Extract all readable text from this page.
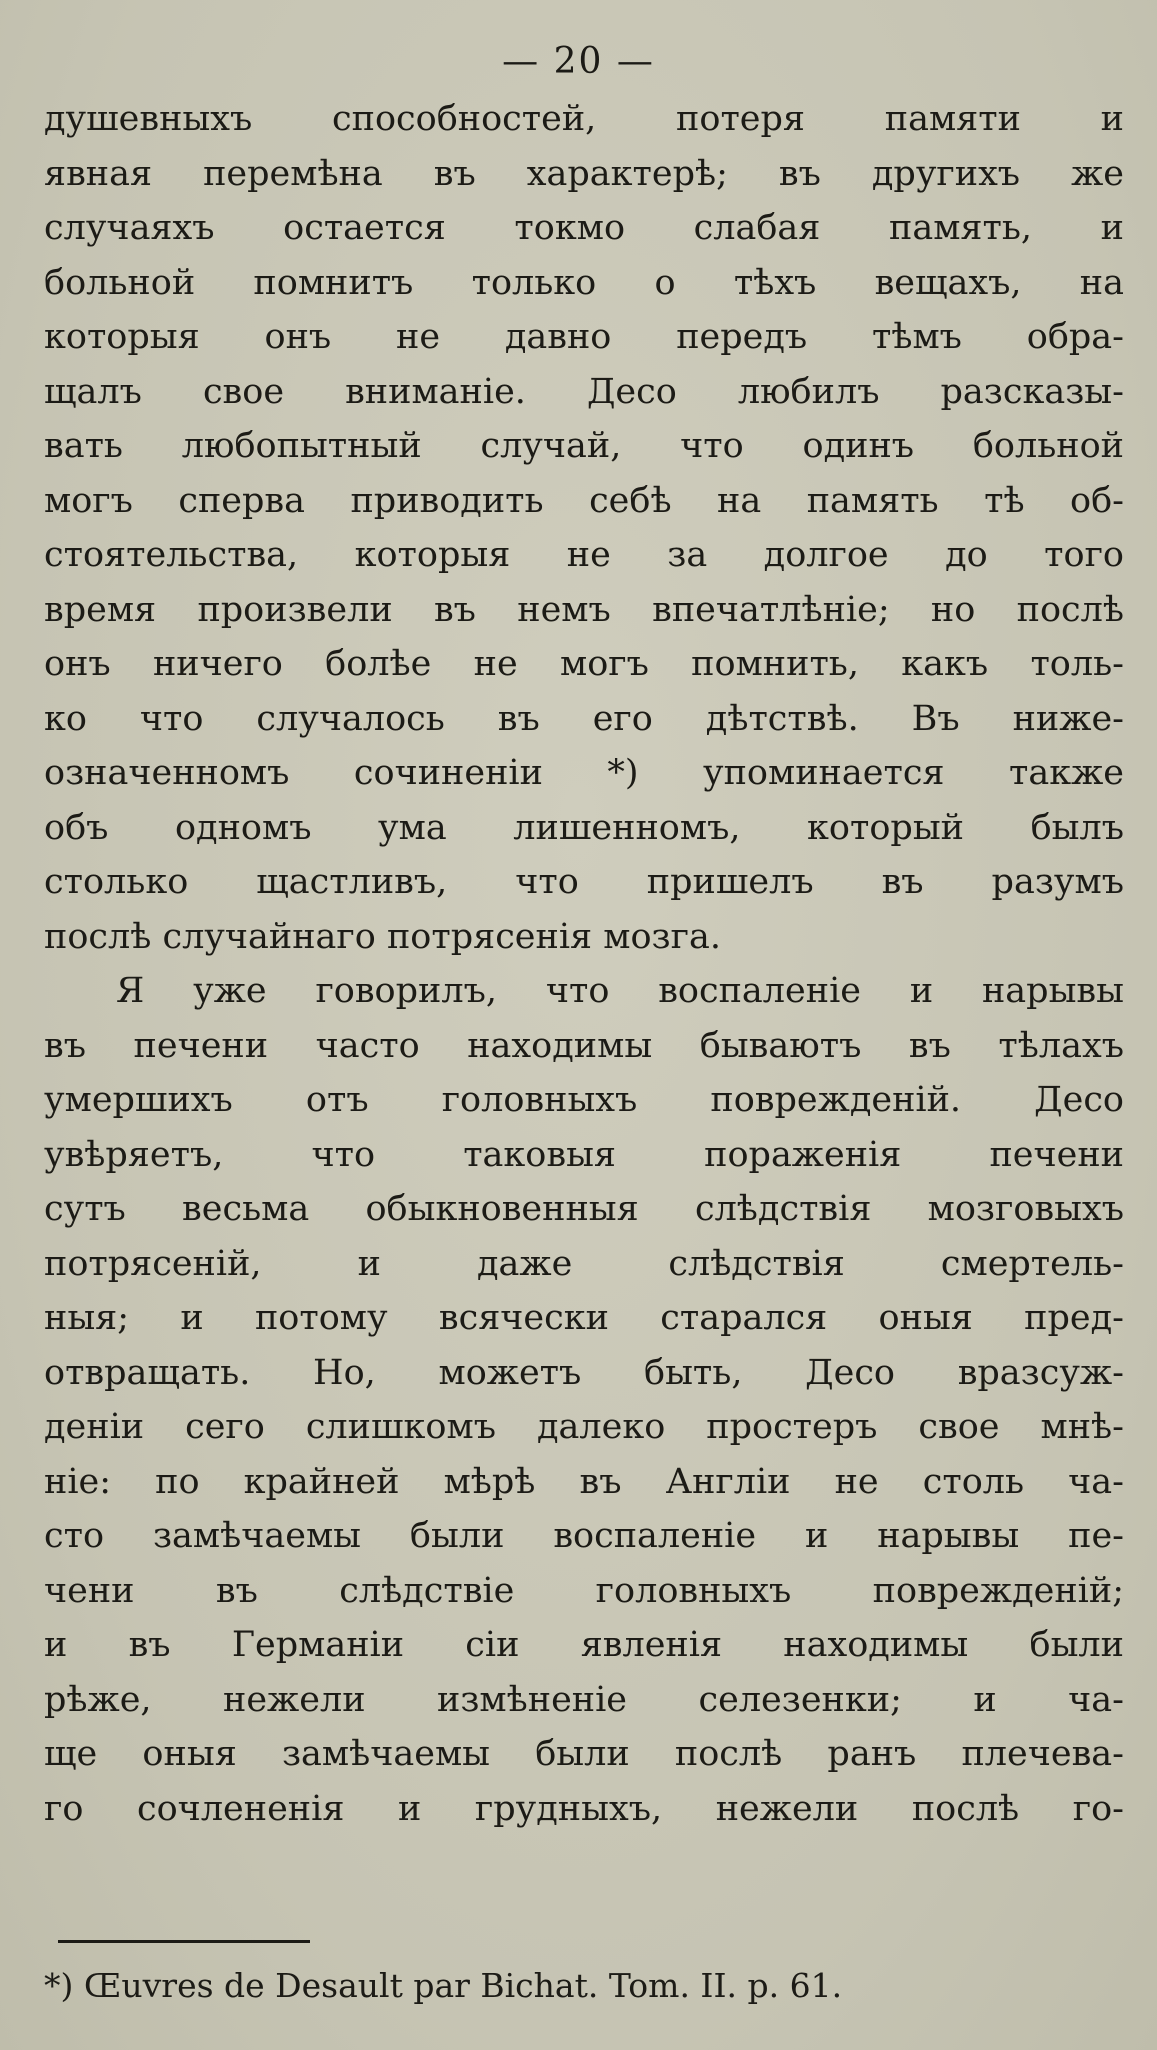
— 20 —
душевныхъ способностей, потеря памяти и
явная перемѣна въ характерѣ; въ другихъ же
случаяхъ остается токмо слабая память, и
больной помнитъ только о тѣхъ вещахъ, на
которыя онъ не давно передъ тѣмъ обра-
щалъ свое вниманіе. Десо любилъ разсказы-
вать любопытный случай, что одинъ больной
могъ сперва приводить себѣ на память тѣ об-
стоятельства, которыя не за долгое до того
время произвели въ немъ впечатлѣніе; но послѣ
онъ ничего болѣе не могъ помнить, какъ толь-
ко что случалось въ его дѣтствѣ. Въ ниже-
означенномъ сочиненіи *) упоминается также
объ одномъ ума лишенномъ, который былъ
столько щастливъ, что пришелъ въ разумъ
послѣ случайнаго потрясенія мозга.
Я уже говорилъ, что воспаленіе и нарывы
въ печени часто находимы бываютъ въ тѣлахъ
умершихъ отъ головныхъ поврежденій. Десо
увѣряетъ, что таковыя пораженія печени
сутъ весьма обыкновенныя слѣдствія мозговыхъ
потрясеній, и даже слѣдствія смертель-
ныя; и потому всячески старался оныя пред-
отвращать. Но, можетъ быть, Десо вразсуж-
деніи сего слишкомъ далеко простеръ свое мнѣ-
ніе: по крайней мѣрѣ въ Англіи не столь ча-
сто замѣчаемы были воспаленіе и нарывы пе-
чени въ слѣдствіе головныхъ поврежденій;
и въ Германіи сіи явленія находимы были
рѣже, нежели измѣненіе селезенки; и ча-
ще оныя замѣчаемы были послѣ ранъ плечева-
го сочлененія и грудныхъ, нежели послѣ го-
*) Œuvres de Desault par Bichat. Tom. II. p. 61.
